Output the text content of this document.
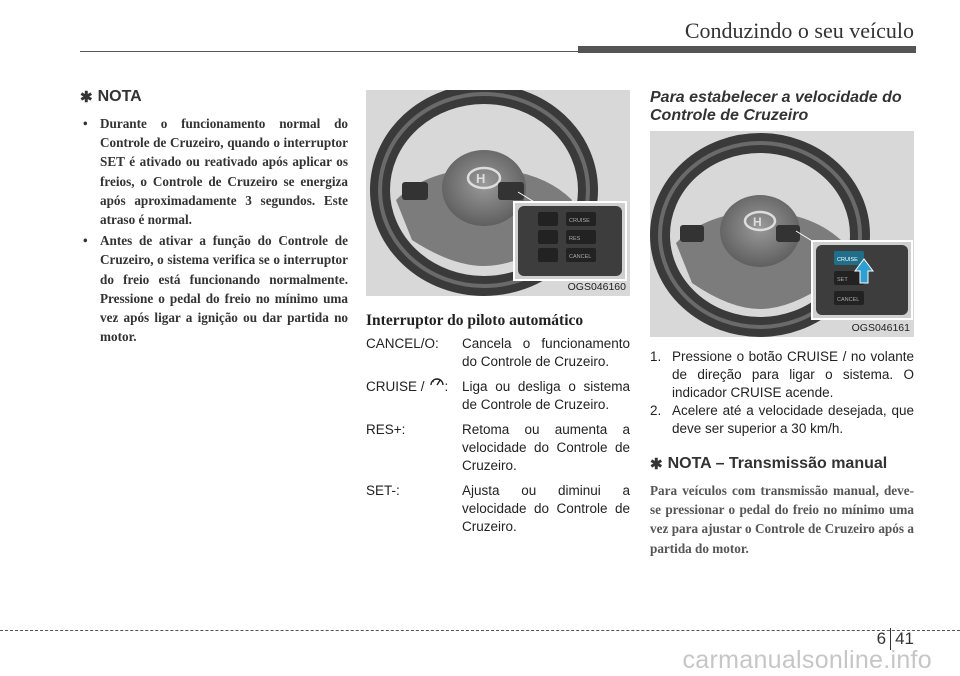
Conduzindo o seu veículo
✱ NOTA
• Durante o funcionamento normal do Controle de Cruzeiro, quando o interruptor SET é ativado ou reativado após aplicar os freios, o Controle de Cruzeiro se energiza após aproximadamente 3 segundos. Este atraso é normal.
• Antes de ativar a função do Controle de Cruzeiro, o sistema verifica se o interruptor do freio está funcionando normalmente. Pressione o pedal do freio no mínimo uma vez após ligar a ignição ou dar partida no motor.
H
CRUISE
RES
CANCEL
OGS046160
Interruptor do piloto automático
CANCEL/O:	Cancela o funcionamento do Controle de Cruzeiro.
CRUISE / : Liga ou desliga o sistema de Controle de Cruzeiro.
RES+:	Retoma ou aumenta a velocidade do Controle de Cruzeiro.
SET-:	Ajusta ou diminui a velocidade do Controle de Cruzeiro.
Para estabelecer a velocidade do Controle de Cruzeiro
H
CRUISE
SET
CANCEL
OGS046161
1. Pressione o botão CRUISE / no volante de direção para ligar o sistema. O indicador CRUISE acende.
2. Acelere até a velocidade desejada, que deve ser superior a 30 km/h.
✱ NOTA – Transmissão manual
Para veículos com transmissão manual, deve-se pressionar o pedal do freio no mínimo uma vez para ajustar o Controle de Cruzeiro após a partida do motor.
6 41
carmanualsonline.info
